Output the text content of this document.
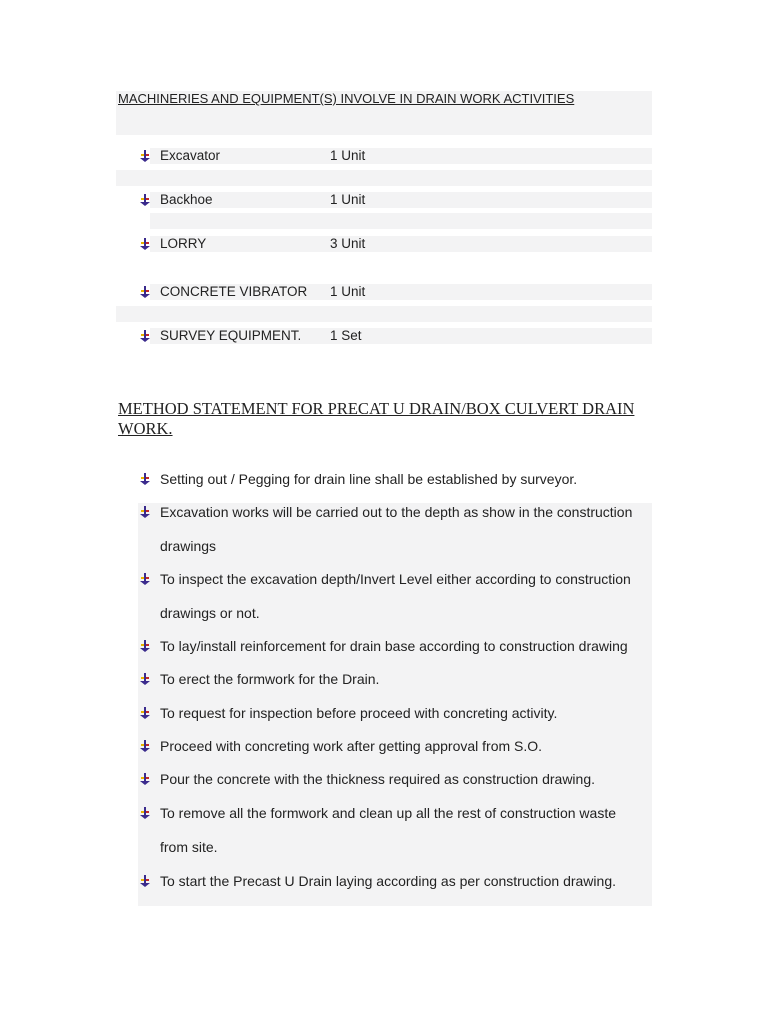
MACHINERIES AND EQUIPMENT(S) INVOLVE IN DRAIN WORK ACTIVITIES
Excavator	1 Unit
Backhoe	1 Unit
LORRY	3 Unit
CONCRETE VIBRATOR 1 Unit
SURVEY EQUIPMENT. 1 Set
METHOD STATEMENT FOR PRECAT U DRAIN/BOX CULVERT DRAIN WORK.
Setting out / Pegging for drain line shall be established by surveyor.
Excavation works will be carried out to the depth as show in the construction
drawings
To inspect the excavation depth/Invert Level either according to construction
drawings or not.
To lay/install reinforcement for drain base according to construction drawing
To erect the formwork for the Drain.
To request for inspection before proceed with concreting activity.
Proceed with concreting work after getting approval from S.O.
Pour the concrete with the thickness required as construction drawing.
To remove all the formwork and clean up all the rest of construction waste
from site.
To start the Precast U Drain laying according as per construction drawing.
